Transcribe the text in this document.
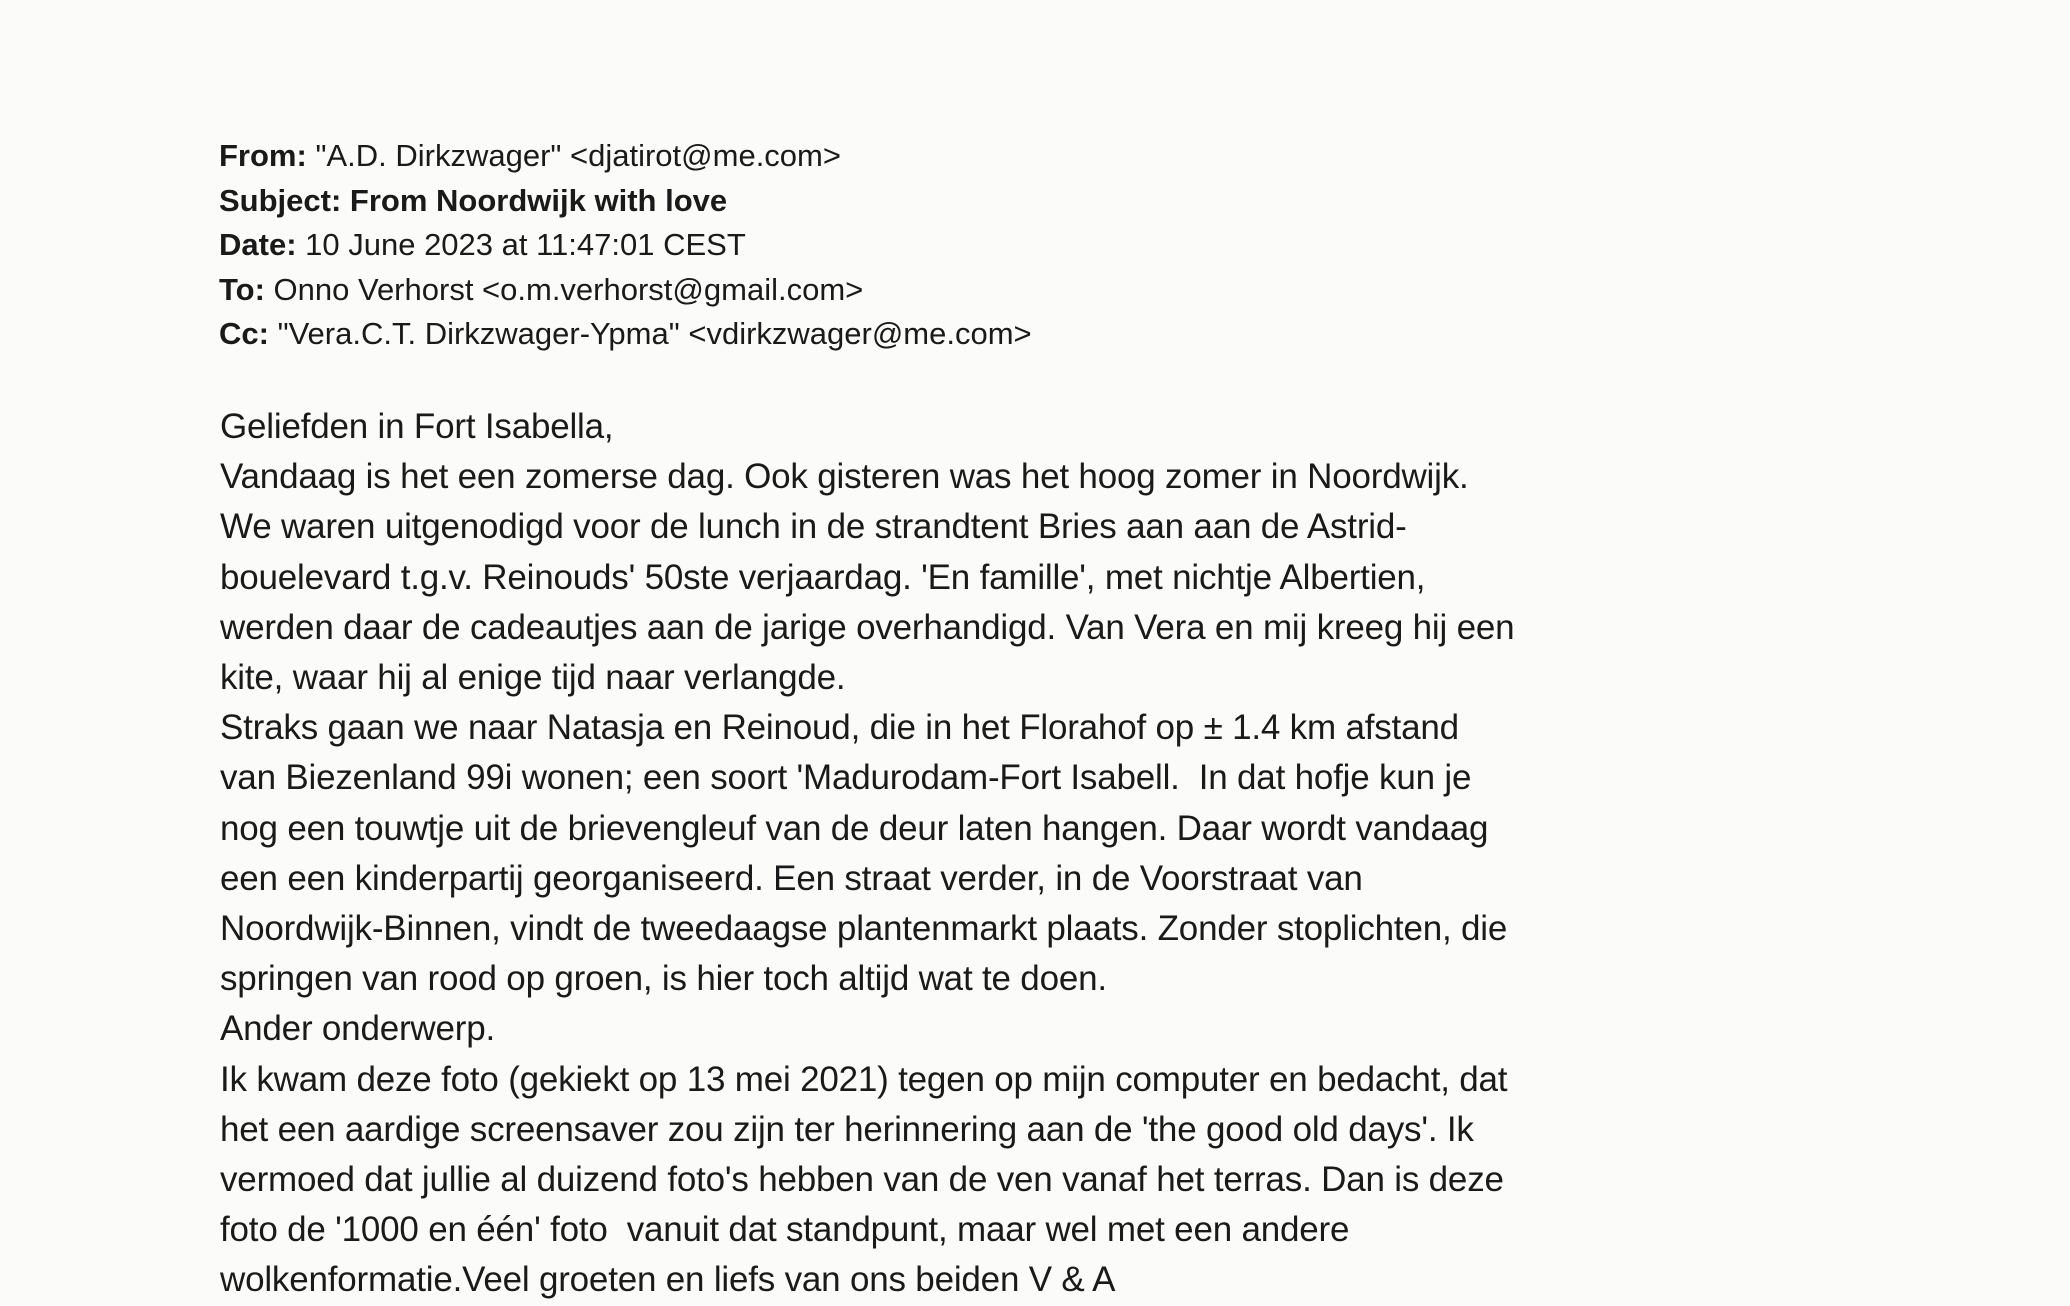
From: "A.D. Dirkzwager" <djatirot@me.com>
Subject: From Noordwijk with love
Date: 10 June 2023 at 11:47:01 CEST
To: Onno Verhorst <o.m.verhorst@gmail.com>
Cc: "Vera.C.T. Dirkzwager-Ypma" <vdirkzwager@me.com>
Geliefden in Fort Isabella,
Vandaag is het een zomerse dag. Ook gisteren was het hoog zomer in Noordwijk.
We waren uitgenodigd voor de lunch in de strandtent Bries aan aan de Astrid-
bouelevard t.g.v. Reinouds' 50ste verjaardag. 'En famille', met nichtje Albertien,
werden daar de cadeautjes aan de jarige overhandigd. Van Vera en mij kreeg hij een
kite, waar hij al enige tijd naar verlangde.
Straks gaan we naar Natasja en Reinoud, die in het Florahof op ± 1.4 km afstand
van Biezenland 99i wonen; een soort 'Madurodam-Fort Isabell.  In dat hofje kun je
nog een touwtje uit de brievengleuf van de deur laten hangen. Daar wordt vandaag
een een kinderpartij georganiseerd. Een straat verder, in de Voorstraat van
Noordwijk-Binnen, vindt de tweedaagse plantenmarkt plaats. Zonder stoplichten, die
springen van rood op groen, is hier toch altijd wat te doen.
Ander onderwerp.
Ik kwam deze foto (gekiekt op 13 mei 2021) tegen op mijn computer en bedacht, dat
het een aardige screensaver zou zijn ter herinnering aan de 'the good old days'. Ik
vermoed dat jullie al duizend foto's hebben van de ven vanaf het terras. Dan is deze
foto de '1000 en één' foto  vanuit dat standpunt, maar wel met een andere
wolkenformatie.Veel groeten en liefs van ons beiden V & A
